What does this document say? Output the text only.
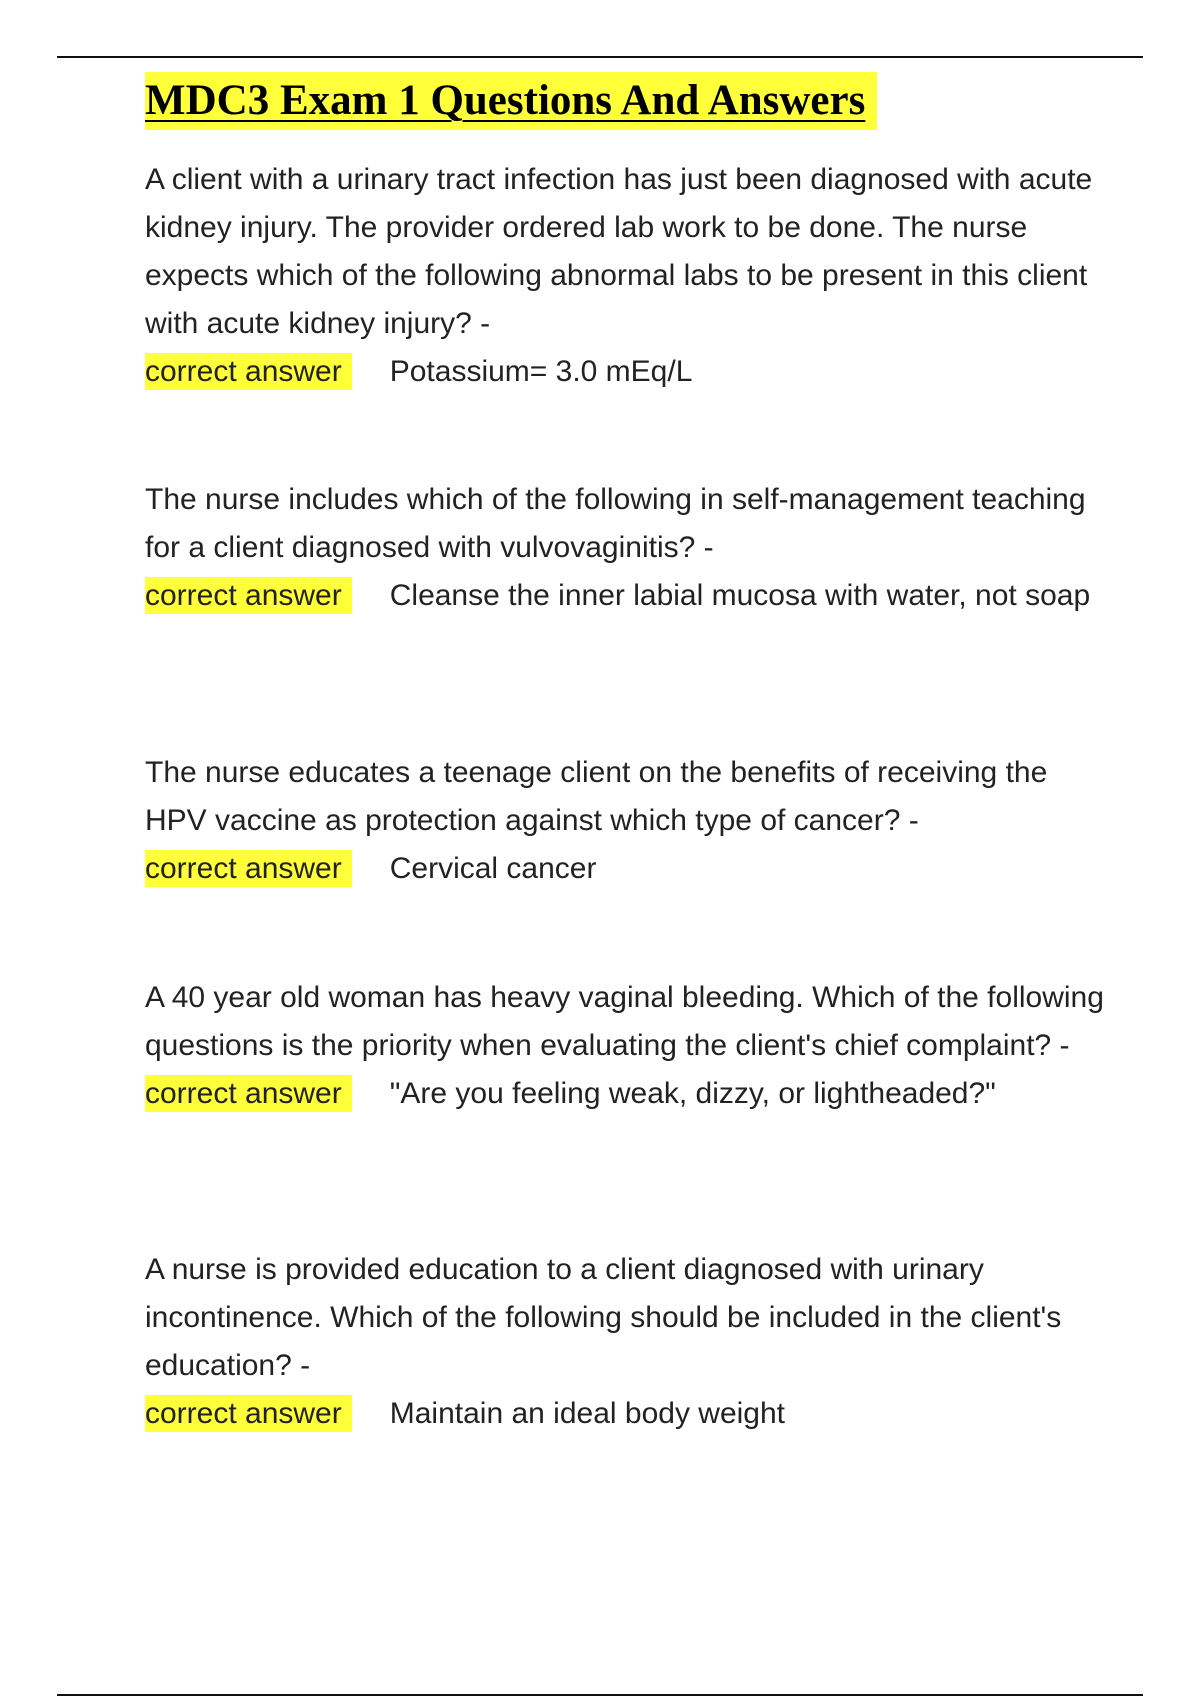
MDC3 Exam 1 Questions And Answers

A client with a urinary tract infection has just been diagnosed with acute kidney injury. The provider ordered lab work to be done. The nurse expects which of the following abnormal labs to be present in this client with acute kidney injury? -

correct answer Potassium= 3.0 mEq/L

The nurse includes which of the following in self-management teaching for a client diagnosed with vulvovaginitis? -

correct answer Cleanse the inner labial mucosa with water, not soap

The nurse educates a teenage client on the benefits of receiving the HPV vaccine as protection against which type of cancer? -

correct answer Cervical cancer

A 40 year old woman has heavy vaginal bleeding. Which of the following questions is the priority when evaluating the client's chief complaint? -

correct answer "Are you feeling weak, dizzy, or lightheaded?"

A nurse is provided education to a client diagnosed with urinary incontinence. Which of the following should be included in the client's education? -

correct answer Maintain an ideal body weight
